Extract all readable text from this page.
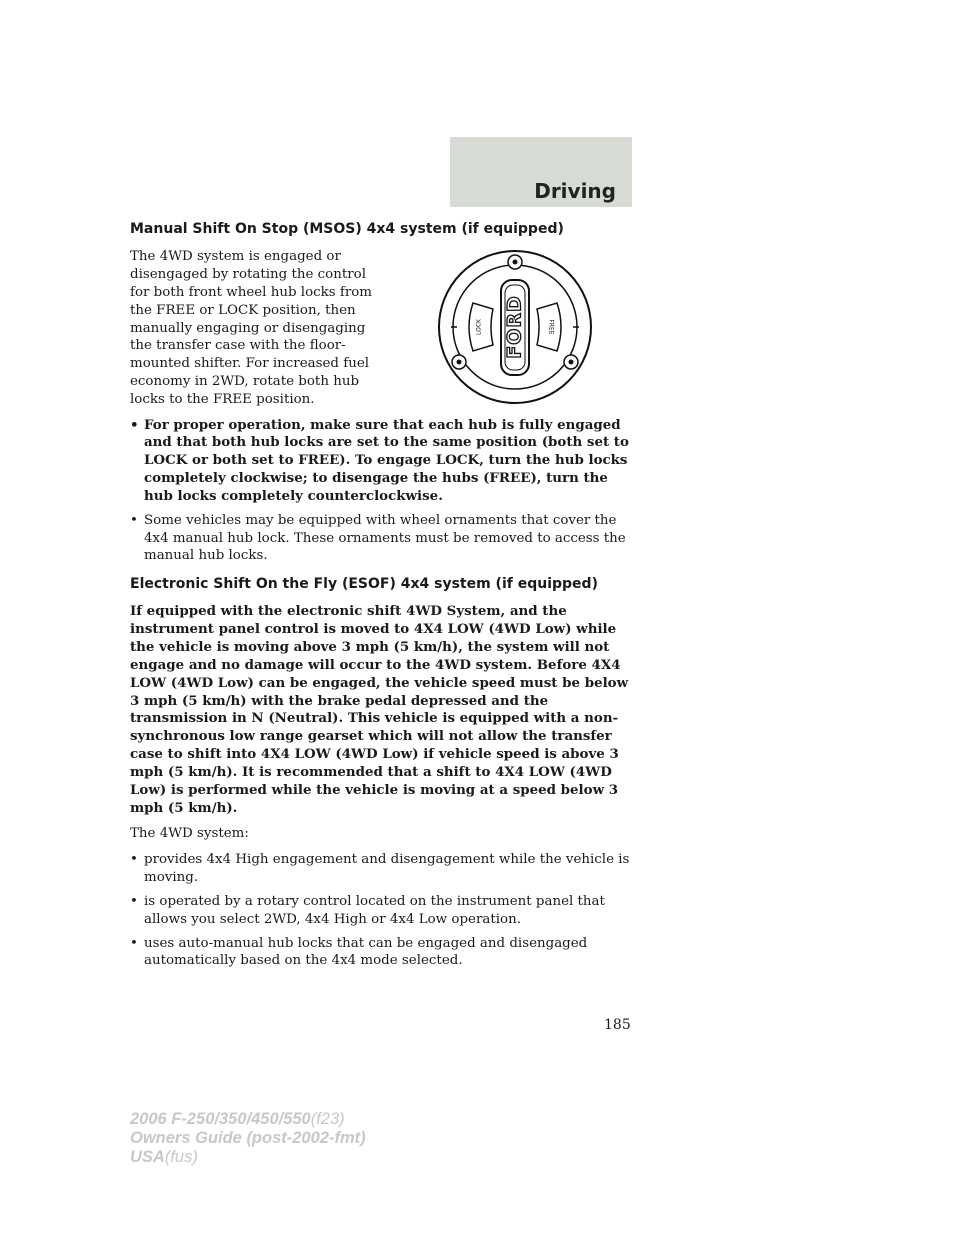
Driving
FORD
LOCK	FREE
Manual Shift On Stop (MSOS) 4x4 system (if equipped)

The 4WD system is engaged or disengaged by rotating the control for both front wheel hub locks from the FREE or LOCK position, then manually engaging or disengaging the transfer case with the floor-mounted shifter. For increased fuel economy in 2WD, rotate both hub locks to the FREE position.

• For proper operation, make sure that each hub is fully engaged and that both hub locks are set to the same position (both set to LOCK or both set to FREE). To engage LOCK, turn the hub locks completely clockwise; to disengage the hubs (FREE), turn the hub locks completely counterclockwise.
• Some vehicles may be equipped with wheel ornaments that cover the 4x4 manual hub lock. These ornaments must be removed to access the manual hub locks.
Electronic Shift On the Fly (ESOF) 4x4 system (if equipped)

If equipped with the electronic shift 4WD System, and the instrument panel control is moved to 4X4 LOW (4WD Low) while the vehicle is moving above 3 mph (5 km/h), the system will not engage and no damage will occur to the 4WD system. Before 4X4 LOW (4WD Low) can be engaged, the vehicle speed must be below 3 mph (5 km/h) with the brake pedal depressed and the transmission in N (Neutral). This vehicle is equipped with a non-synchronous low range gearset which will not allow the transfer case to shift into 4X4 LOW (4WD Low) if vehicle speed is above 3 mph (5 km/h). It is recommended that a shift to 4X4 LOW (4WD Low) is performed while the vehicle is moving at a speed below 3 mph (5 km/h).

The 4WD system:

• provides 4x4 High engagement and disengagement while the vehicle is moving.
• is operated by a rotary control located on the instrument panel that allows you select 2WD, 4x4 High or 4x4 Low operation.
• uses auto-manual hub locks that can be engaged and disengaged automatically based on the 4x4 mode selected.
185
2006 F-250/350/450/550(f23)
Owners Guide (post-2002-fmt)
USA(fus)
